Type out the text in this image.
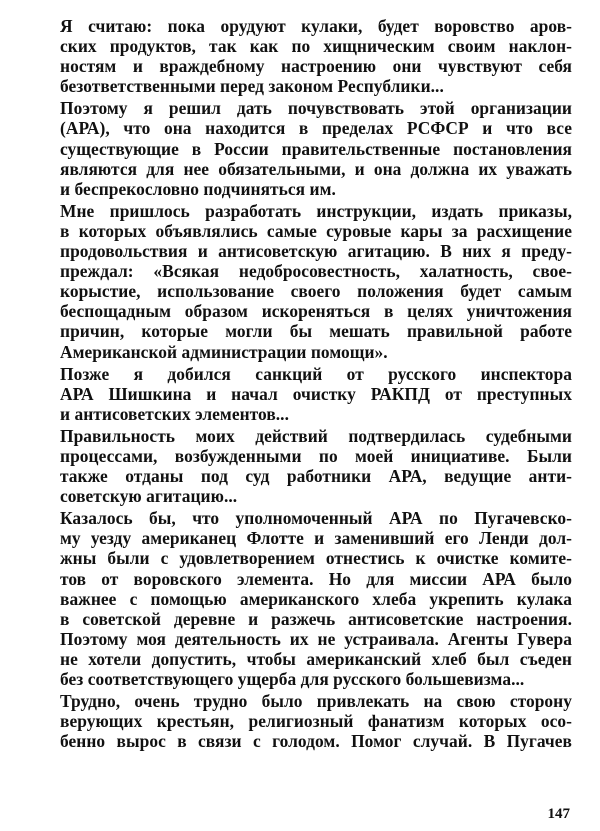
Я считаю: пока орудуют кулаки, будет воровство аров-
ских продуктов, так как по хищническим своим наклон-
ностям и враждебному настроению они чувствуют себя
безответственными перед законом Республики...

Поэтому я решил дать почувствовать этой организации
(АРА), что она находится в пределах РСФСР и что все
существующие в России правительственные постановления
являются для нее обязательными, и она должна их уважать
и беспрекословно подчиняться им.

Мне пришлось разработать инструкции, издать приказы,
в которых объявлялись самые суровые кары за расхищение
продовольствия и антисоветскую агитацию. В них я преду-
преждал: «Всякая недобросовестность, халатность, свое-
корыстие, использование своего положения будет самым
беспощадным образом искореняться в целях уничтожения
причин, которые могли бы мешать правильной работе
Американской администрации помощи».

Позже я добился санкций от русского инспектора
АРА Шишкина и начал очистку РАКПД от преступных
и антисоветских элементов...

Правильность моих действий подтвердилась судебными
процессами, возбужденными по моей инициативе. Были
также отданы под суд работники АРА, ведущие анти-
советскую агитацию...

Казалось бы, что уполномоченный АРА по Пугачевско-
му уезду американец Флотте и заменивший его Ленди дол-
жны были с удовлетворением отнестись к очистке комите-
тов от воровского элемента. Но для миссии АРА было
важнее с помощью американского хлеба укрепить кулака
в советской деревне и разжечь антисоветские настроения.
Поэтому моя деятельность их не устраивала. Агенты Гувера
не хотели допустить, чтобы американский хлеб был съеден
без соответствующего ущерба для русского большевизма...

Трудно, очень трудно было привлекать на свою сторону
верующих крестьян, религиозный фанатизм которых осо-
бенно вырос в связи с голодом. Помог случай. В Пугачев

147
